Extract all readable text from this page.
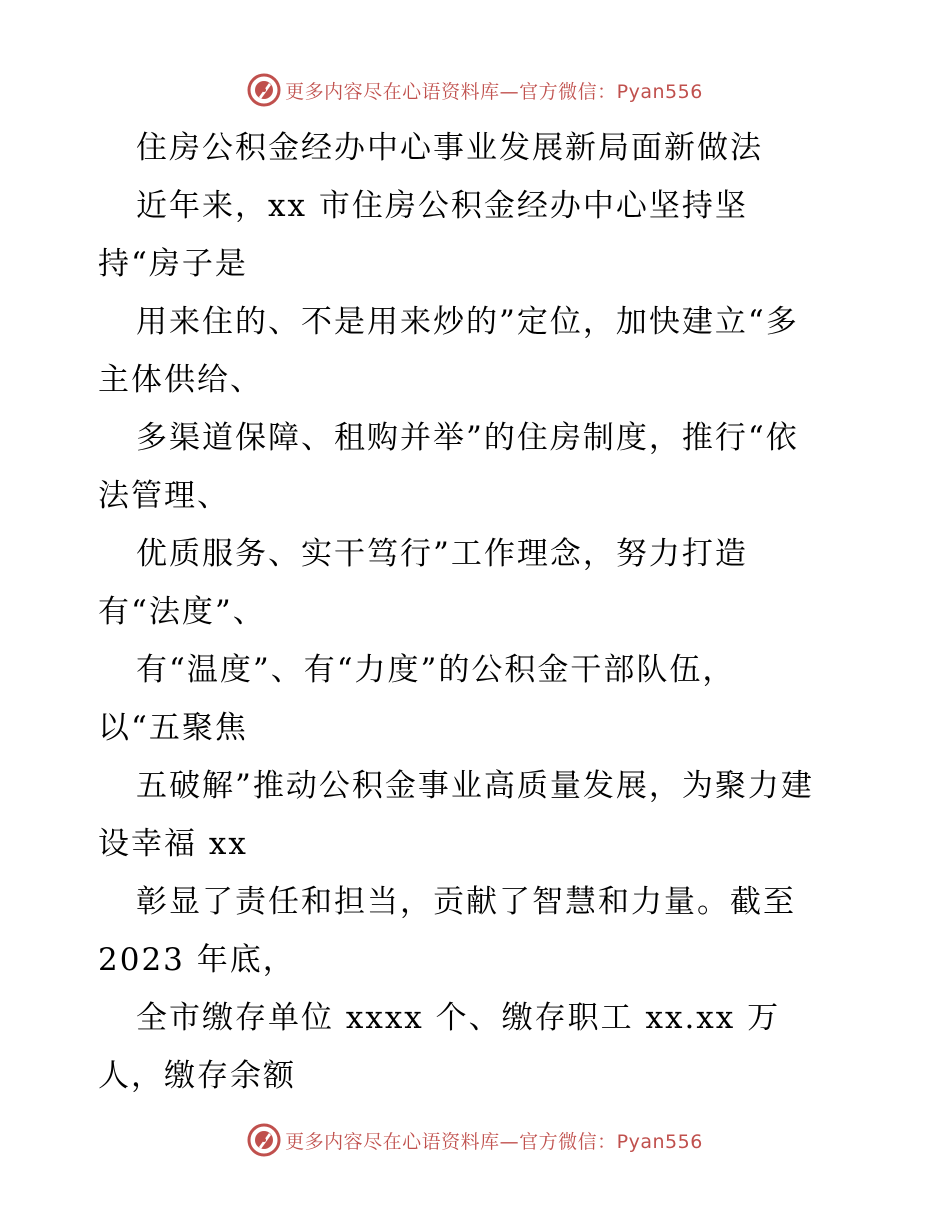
更多内容尽在心语资料库—官方微信：Pyan556
住房公积金经办中心事业发展新局面新做法
近年来，xx 市住房公积金经办中心坚持坚
持“房子是
用来住的、不是用来炒的”定位，加快建立“多
主体供给、
多渠道保障、租购并举”的住房制度，推行“依
法管理、
优质服务、实干笃行”工作理念，努力打造
有“法度”、
有“温度”、有“力度”的公积金干部队伍，
以“五聚焦
五破解”推动公积金事业高质量发展，为聚力建
设幸福 xx
彰显了责任和担当，贡献了智慧和力量。截至
2023 年底，
全市缴存单位 xxxx 个、缴存职工 xx.xx 万
人，缴存余额
更多内容尽在心语资料库—官方微信：Pyan556
